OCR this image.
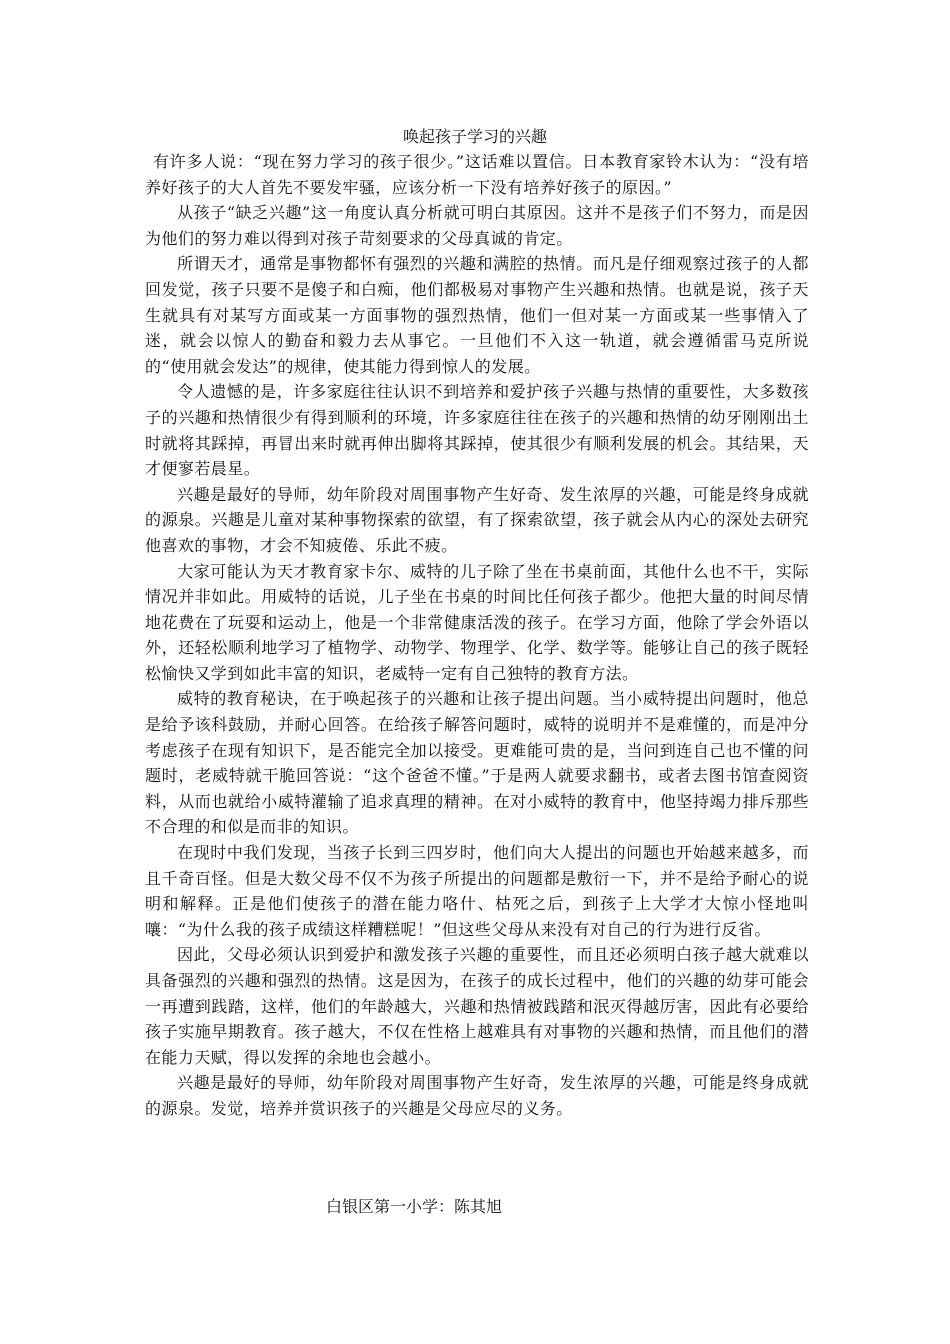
唤起孩子学习的兴趣

有许多人说：“现在努力学习的孩子很少。”这话难以置信。日本教育家铃木认为：“没有培养好孩子的大人首先不要发牢骚，应该分析一下没有培养好孩子的原因。”

从孩子“缺乏兴趣”这一角度认真分析就可明白其原因。这并不是孩子们不努力，而是因为他们的努力难以得到对孩子苛刻要求的父母真诚的肯定。

所谓天才，通常是事物都怀有强烈的兴趣和满腔的热情。而凡是仔细观察过孩子的人都回发觉，孩子只要不是傻子和白痴，他们都极易对事物产生兴趣和热情。也就是说，孩子天生就具有对某写方面或某一方面事物的强烈热情，他们一但对某一方面或某一些事情入了迷，就会以惊人的勤奋和毅力去从事它。一旦他们不入这一轨道，就会遵循雷马克所说的“使用就会发达”的规律，使其能力得到惊人的发展。

令人遗憾的是，许多家庭往往认识不到培养和爱护孩子兴趣与热情的重要性，大多数孩子的兴趣和热情很少有得到顺利的环境，许多家庭往往在孩子的兴趣和热情的幼牙刚刚出土时就将其踩掉，再冒出来时就再伸出脚将其踩掉，使其很少有顺利发展的机会。其结果，天才便寥若晨星。

兴趣是最好的导师，幼年阶段对周围事物产生好奇、发生浓厚的兴趣，可能是终身成就的源泉。兴趣是儿童对某种事物探索的欲望，有了探索欲望，孩子就会从内心的深处去研究他喜欢的事物，才会不知疲倦、乐此不疲。

大家可能认为天才教育家卡尔、威特的儿子除了坐在书桌前面，其他什么也不干，实际情况并非如此。用威特的话说，儿子坐在书桌的时间比任何孩子都少。他把大量的时间尽情地花费在了玩耍和运动上，他是一个非常健康活泼的孩子。在学习方面，他除了学会外语以外，还轻松顺利地学习了植物学、动物学、物理学、化学、数学等。能够让自己的孩子既轻松愉快又学到如此丰富的知识，老威特一定有自己独特的教育方法。

威特的教育秘诀，在于唤起孩子的兴趣和让孩子提出问题。当小威特提出问题时，他总是给予该科鼓励，并耐心回答。在给孩子解答问题时，威特的说明并不是难懂的，而是冲分考虑孩子在现有知识下，是否能完全加以接受。更难能可贵的是，当问到连自己也不懂的问题时，老威特就干脆回答说：“这个爸爸不懂。”于是两人就要求翻书，或者去图书馆查阅资料，从而也就给小威特灌输了追求真理的精神。在对小威特的教育中，他坚持竭力排斥那些不合理的和似是而非的知识。

在现时中我们发现，当孩子长到三四岁时，他们向大人提出的问题也开始越来越多，而且千奇百怪。但是大数父母不仅不为孩子所提出的问题都是敷衍一下，并不是给予耐心的说明和解释。正是他们使孩子的潜在能力咯什、枯死之后，到孩子上大学才大惊小怪地叫嚷：“为什么我的孩子成绩这样糟糕呢！”但这些父母从来没有对自己的行为进行反省。

因此，父母必须认识到爱护和激发孩子兴趣的重要性，而且还必须明白孩子越大就难以具备强烈的兴趣和强烈的热情。这是因为，在孩子的成长过程中，他们的兴趣的幼芽可能会一再遭到践踏，这样，他们的年龄越大，兴趣和热情被践踏和泯灭得越厉害，因此有必要给孩子实施早期教育。孩子越大，不仅在性格上越难具有对事物的兴趣和热情，而且他们的潜在能力天赋，得以发挥的余地也会越小。

兴趣是最好的导师，幼年阶段对周围事物产生好奇，发生浓厚的兴趣，可能是终身成就的源泉。发觉，培养并赏识孩子的兴趣是父母应尽的义务。

白银区第一小学：陈其旭
